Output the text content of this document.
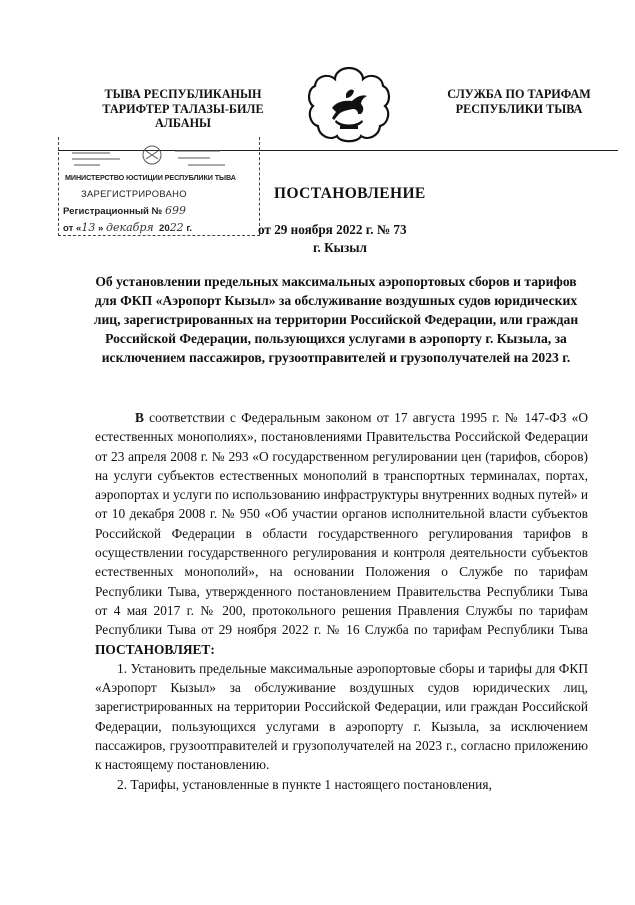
ТЫВА РЕСПУБЛИКАНЫН
ТАРИФТЕР ТАЛАЗЫ-БИЛЕ
АЛБАНЫ
СЛУЖБА ПО ТАРИФАМ
РЕСПУБЛИКИ ТЫВА
МИНИСТЕРСТВО ЮСТИЦИИ РЕСПУБЛИКИ ТЫВА
ЗАРЕГИСТРИРОВАНО
Регистрационный № 699
от «13 » декабря 2022 г.
ПОСТАНОВЛЕНИЕ
от 29 ноября 2022 г. № 73
г. Кызыл
Об установлении предельных максимальных аэропортовых сборов и тарифов для ФКП «Аэропорт Кызыл» за обслуживание воздушных судов юридических лиц, зарегистрированных на территории Российской Федерации, или граждан Российской Федерации, пользующихся услугами в аэропорту г. Кызыла, за исключением пассажиров, грузоотправителей и грузополучателей на 2023 г.

В соответствии с Федеральным законом от 17 августа 1995 г. № 147-ФЗ «О естественных монополиях», постановлениями Правительства Российской Федерации от 23 апреля 2008 г. № 293 «О государственном регулировании цен (тарифов, сборов) на услуги субъектов естественных монополий в транспортных терминалах, портах, аэропортах и услуги по использованию инфраструктуры внутренних водных путей» и от 10 декабря 2008 г. № 950 «Об участии органов исполнительной власти субъектов Российской Федерации в области государственного регулирования тарифов в осуществлении государственного регулирования и контроля деятельности субъектов естественных монополий», на основании Положения о Службе по тарифам Республики Тыва, утвержденного постановлением Правительства Республики Тыва от 4 мая 2017 г. № 200, протокольного решения Правления Службы по тарифам Республики Тыва от 29 ноября 2022 г. № 16 Служба по тарифам Республики Тыва ПОСТАНОВЛЯЕТ:

1. Установить предельные максимальные аэропортовые сборы и тарифы для ФКП «Аэропорт Кызыл» за обслуживание воздушных судов юридических лиц, зарегистрированных на территории Российской Федерации, или граждан Российской Федерации, пользующихся услугами в аэропорту г. Кызыла, за исключением пассажиров, грузоотправителей и грузополучателей на 2023 г., согласно приложению к настоящему постановлению.

2. Тарифы, установленные в пункте 1 настоящего постановления,
